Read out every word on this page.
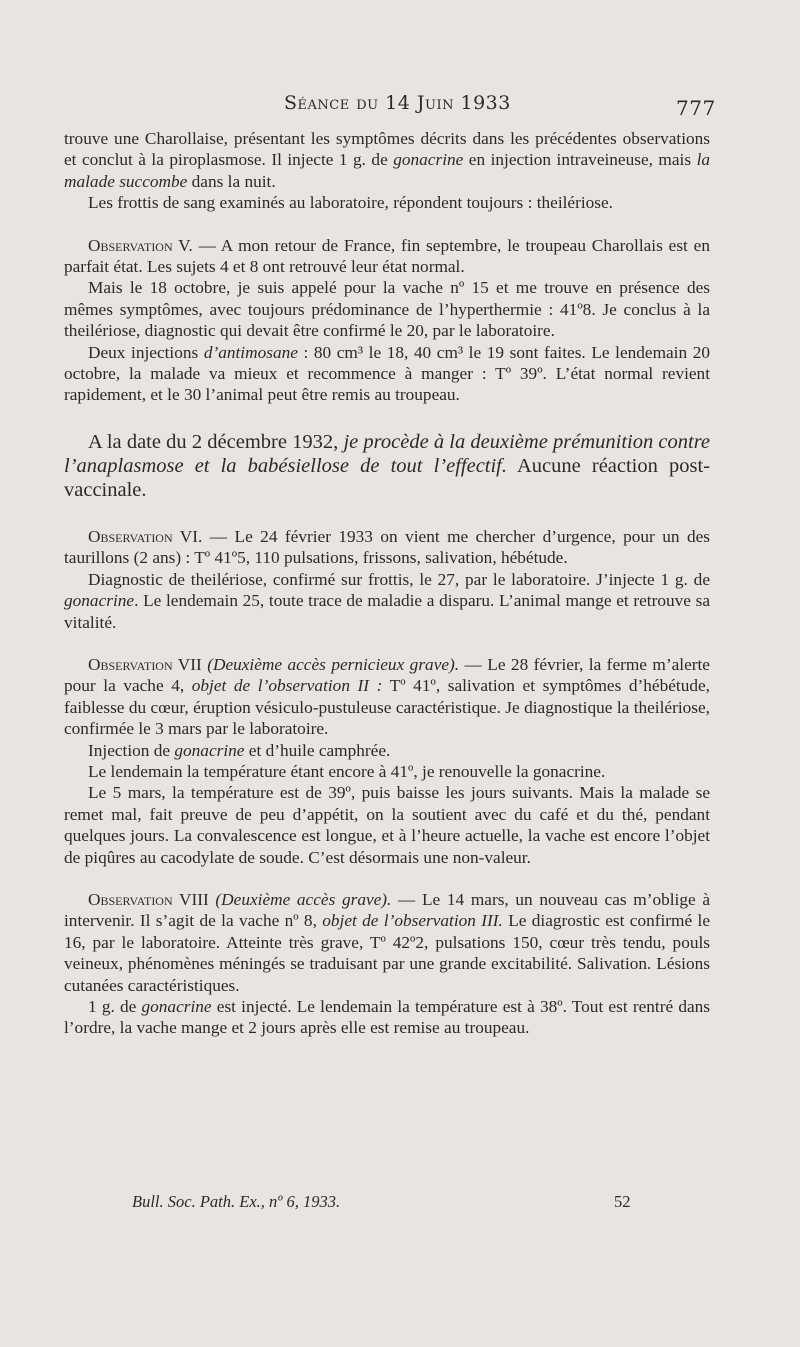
Séance du 14 Juin 1933	777

trouve une Charollaise, présentant les symptômes décrits dans les précédentes observations et conclut à la piroplasmose. Il injecte 1 g. de gonacrine en injection intraveineuse, mais la malade succombe dans la nuit.

Les frottis de sang examinés au laboratoire, répondent toujours : theilériose.

Observation V. — A mon retour de France, fin septembre, le troupeau Charollais est en parfait état. Les sujets 4 et 8 ont retrouvé leur état normal.

Mais le 18 octobre, je suis appelé pour la vache nº 15 et me trouve en présence des mêmes symptômes, avec toujours prédominance de l’hyperthermie : 41º8. Je conclus à la theilériose, diagnostic qui devait être confirmé le 20, par le laboratoire.

Deux injections d’antimosane : 80 cm³ le 18, 40 cm³ le 19 sont faites. Le lendemain 20 octobre, la malade va mieux et recommence à manger : Tº 39º. L’état normal revient rapidement, et le 30 l’animal peut être remis au troupeau.

A la date du 2 décembre 1932, je procède à la deuxième prémunition contre l’anaplasmose et la babésiellose de tout l’effectif. Aucune réaction post-vaccinale.

Observation VI. — Le 24 février 1933 on vient me chercher d’urgence, pour un des taurillons (2 ans) : Tº 41º5, 110 pulsations, frissons, salivation, hébétude.

Diagnostic de theilériose, confirmé sur frottis, le 27, par le laboratoire. J’injecte 1 g. de gonacrine. Le lendemain 25, toute trace de maladie a disparu. L’animal mange et retrouve sa vitalité.

Observation VII (Deuxième accès pernicieux grave). — Le 28 février, la ferme m’alerte pour la vache 4, objet de l’observation II : Tº 41º, salivation et symptômes d’hébétude, faiblesse du cœur, éruption vésiculo-pustuleuse caractéristique. Je diagnostique la theilériose, confirmée le 3 mars par le laboratoire.

Injection de gonacrine et d’huile camphrée.

Le lendemain la température étant encore à 41º, je renouvelle la gonacrine.

Le 5 mars, la température est de 39º, puis baisse les jours suivants. Mais la malade se remet mal, fait preuve de peu d’appétit, on la soutient avec du café et du thé, pendant quelques jours. La convalescence est longue, et à l’heure actuelle, la vache est encore l’objet de piqûres au cacodylate de soude. C’est désormais une non-valeur.

Observation VIII (Deuxième accès grave). — Le 14 mars, un nouveau cas m’oblige à intervenir. Il s’agit de la vache nº 8, objet de l’observation III. Le diagrostic est confirmé le 16, par le laboratoire. Atteinte très grave, Tº 42º2, pulsations 150, cœur très tendu, pouls veineux, phénomènes méningés se traduisant par une grande excitabilité. Salivation. Lésions cutanées caractéristiques.

1 g. de gonacrine est injecté. Le lendemain la température est à 38º. Tout est rentré dans l’ordre, la vache mange et 2 jours après elle est remise au troupeau.

Bull. Soc. Path. Ex., nº 6, 1933.	52
